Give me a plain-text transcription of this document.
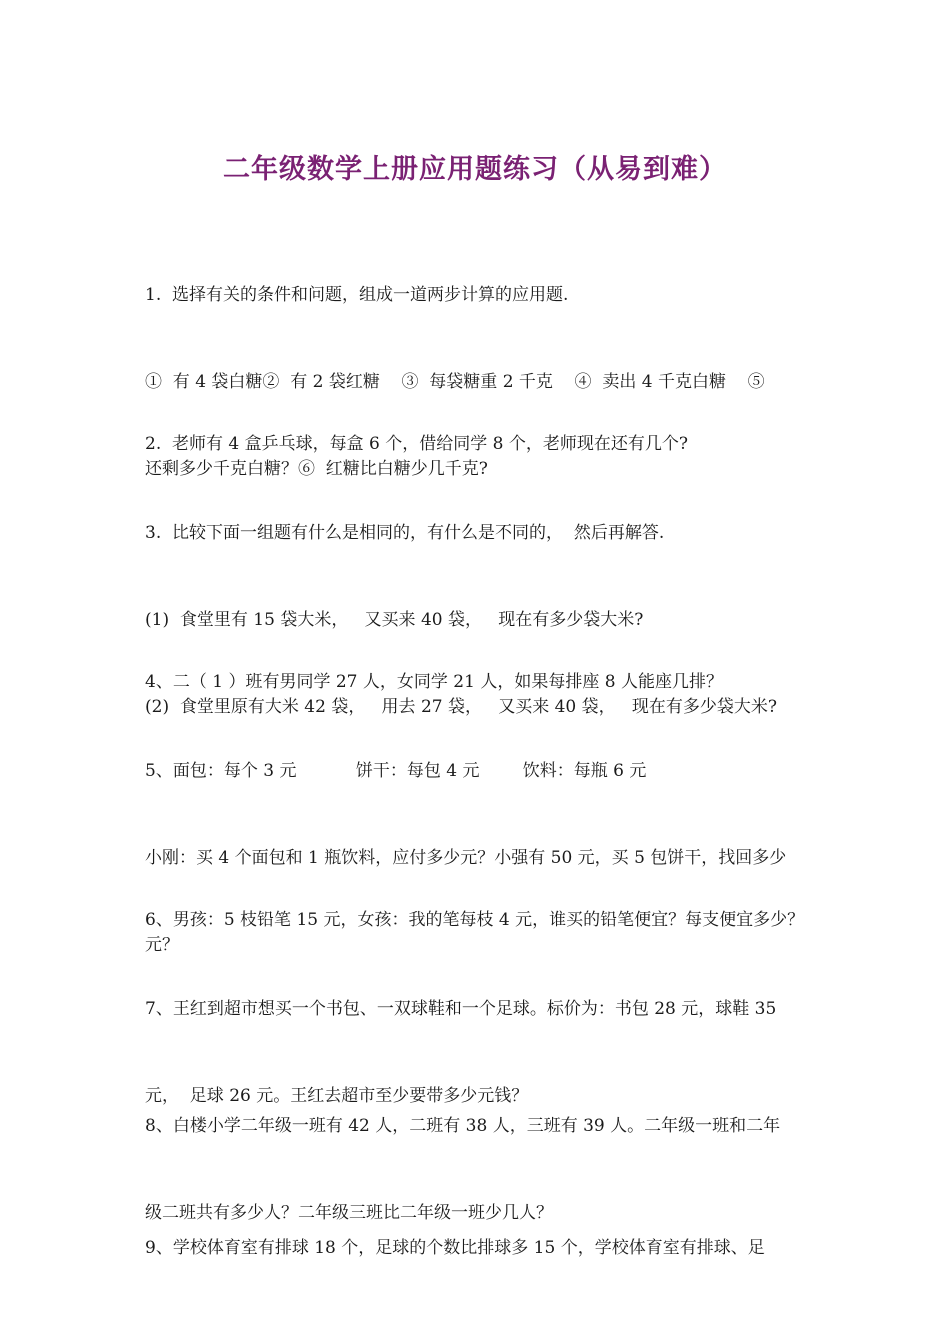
二年级数学上册应用题练习（从易到难）

1.  选择有关的条件和问题，组成一道两步计算的应用题.

①  有 4 袋白糖②  有 2 袋红糖    ③  每袋糖重 2 千克    ④  卖出 4 千克白糖    ⑤

还剩多少千克白糖？⑥  红糖比白糖少几千克?

2.  老师有 4 盒乒乓球，每盒 6 个，借给同学 8 个，老师现在还有几个?

3.  比较下面一组题有什么是相同的，有什么是不同的，  然后再解答.

(1)  食堂里有 15 袋大米，   又买来 40 袋，   现在有多少袋大米?

(2)  食堂里原有大米 42 袋，   用去 27 袋，   又买来 40 袋，   现在有多少袋大米?

4、二（ 1 ）班有男同学 27 人，女同学 21 人，如果每排座 8 人能座几排？

5、面包：每个 3 元           饼干：每包 4 元        饮料：每瓶 6 元

小刚：买 4 个面包和 1 瓶饮料，应付多少元？小强有 50 元，买 5 包饼干，找回多少

元？

6、男孩：5 枝铅笔 15 元，女孩：我的笔每枝 4 元，谁买的铅笔便宜？每支便宜多少？

7、王红到超市想买一个书包、一双球鞋和一个足球。标价为：书包 28 元，球鞋 35

元，  足球 26 元。王红去超市至少要带多少元钱？

8、白楼小学二年级一班有 42 人，二班有 38 人，三班有 39 人。二年级一班和二年

级二班共有多少人？二年级三班比二年级一班少几人？

9、学校体育室有排球 18 个，足球的个数比排球多 15 个，学校体育室有排球、足
